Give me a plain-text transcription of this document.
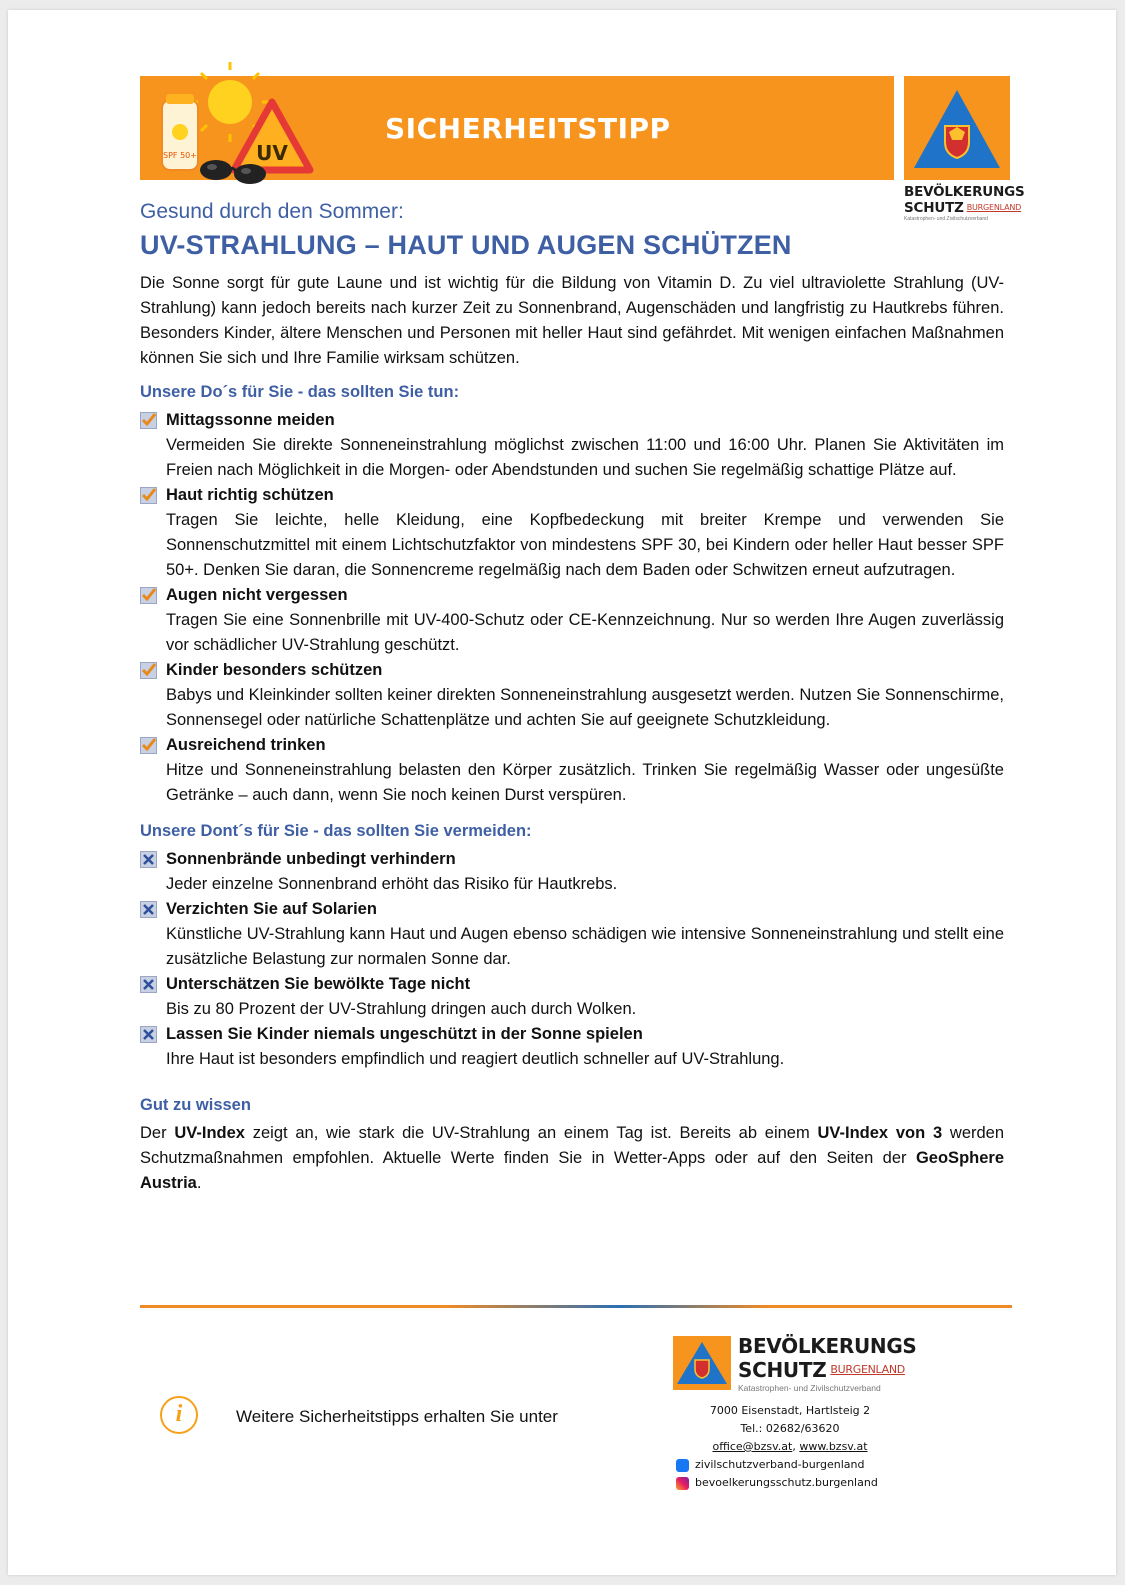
SPF 50+	UV
SICHERHEITSTIPP
BEVÖLKERUNGS
SCHUTZ $^{BURGENLAND}$
Katastrophen- und Zivilschutzverband
Gesund durch den Sommer:
UV-STRAHLUNG – HAUT UND AUGEN SCHÜTZEN

Die Sonne sorgt für gute Laune und ist wichtig für die Bildung von Vitamin D. Zu viel ultraviolette Strahlung (UV-Strahlung) kann jedoch bereits nach kurzer Zeit zu Sonnenbrand, Augenschäden und langfristig zu Hautkrebs führen. Besonders Kinder, ältere Menschen und Personen mit heller Haut sind gefährdet. Mit wenigen einfachen Maßnahmen können Sie sich und Ihre Familie wirksam schützen.

Unsere Do´s für Sie - das sollten Sie tun:
Mittagssonne meiden
Vermeiden Sie direkte Sonneneinstrahlung möglichst zwischen 11:00 und 16:00 Uhr. Planen Sie Aktivitäten im Freien nach Möglichkeit in die Morgen- oder Abendstunden und suchen Sie regelmäßig schattige Plätze auf.
Haut richtig schützen
Tragen Sie leichte, helle Kleidung, eine Kopfbedeckung mit breiter Krempe und verwenden Sie Sonnenschutzmittel mit einem Lichtschutzfaktor von mindestens SPF 30, bei Kindern oder heller Haut besser SPF 50+. Denken Sie daran, die Sonnencreme regelmäßig nach dem Baden oder Schwitzen erneut aufzutragen.
Augen nicht vergessen
Tragen Sie eine Sonnenbrille mit UV-400-Schutz oder CE-Kennzeichnung. Nur so werden Ihre Augen zuverlässig vor schädlicher UV-Strahlung geschützt.
Kinder besonders schützen
Babys und Kleinkinder sollten keiner direkten Sonneneinstrahlung ausgesetzt werden. Nutzen Sie Sonnenschirme, Sonnensegel oder natürliche Schattenplätze und achten Sie auf geeignete Schutzkleidung.
Ausreichend trinken
Hitze und Sonneneinstrahlung belasten den Körper zusätzlich. Trinken Sie regelmäßig Wasser oder ungesüßte Getränke – auch dann, wenn Sie noch keinen Durst verspüren.
Unsere Dont´s für Sie - das sollten Sie vermeiden:
Sonnenbrände unbedingt verhindern
Jeder einzelne Sonnenbrand erhöht das Risiko für Hautkrebs.
Verzichten Sie auf Solarien
Künstliche UV-Strahlung kann Haut und Augen ebenso schädigen wie intensive Sonneneinstrahlung und stellt eine zusätzliche Belastung zur normalen Sonne dar.
Unterschätzen Sie bewölkte Tage nicht
Bis zu 80 Prozent der UV-Strahlung dringen auch durch Wolken.
Lassen Sie Kinder niemals ungeschützt in der Sonne spielen
Ihre Haut ist besonders empfindlich und reagiert deutlich schneller auf UV-Strahlung.
Gut zu wissen

Der UV-Index zeigt an, wie stark die UV-Strahlung an einem Tag ist. Bereits ab einem UV-Index von 3 werden Schutzmaßnahmen empfohlen. Aktuelle Werte finden Sie in Wetter-Apps oder auf den Seiten der GeoSphere Austria.

i	Weitere Sicherheitstipps erhalten Sie unter
BEVÖLKERUNGS
SCHUTZ $^{BURGENLAND}$
Katastrophen- und Zivilschutzverband
7000 Eisenstadt, Hartlsteig 2
Tel.: 02682/63620
office@bzsv.at, www.bzsv.at
zivilschutzverband-burgenland
bevoelkerungsschutz.burgenland
